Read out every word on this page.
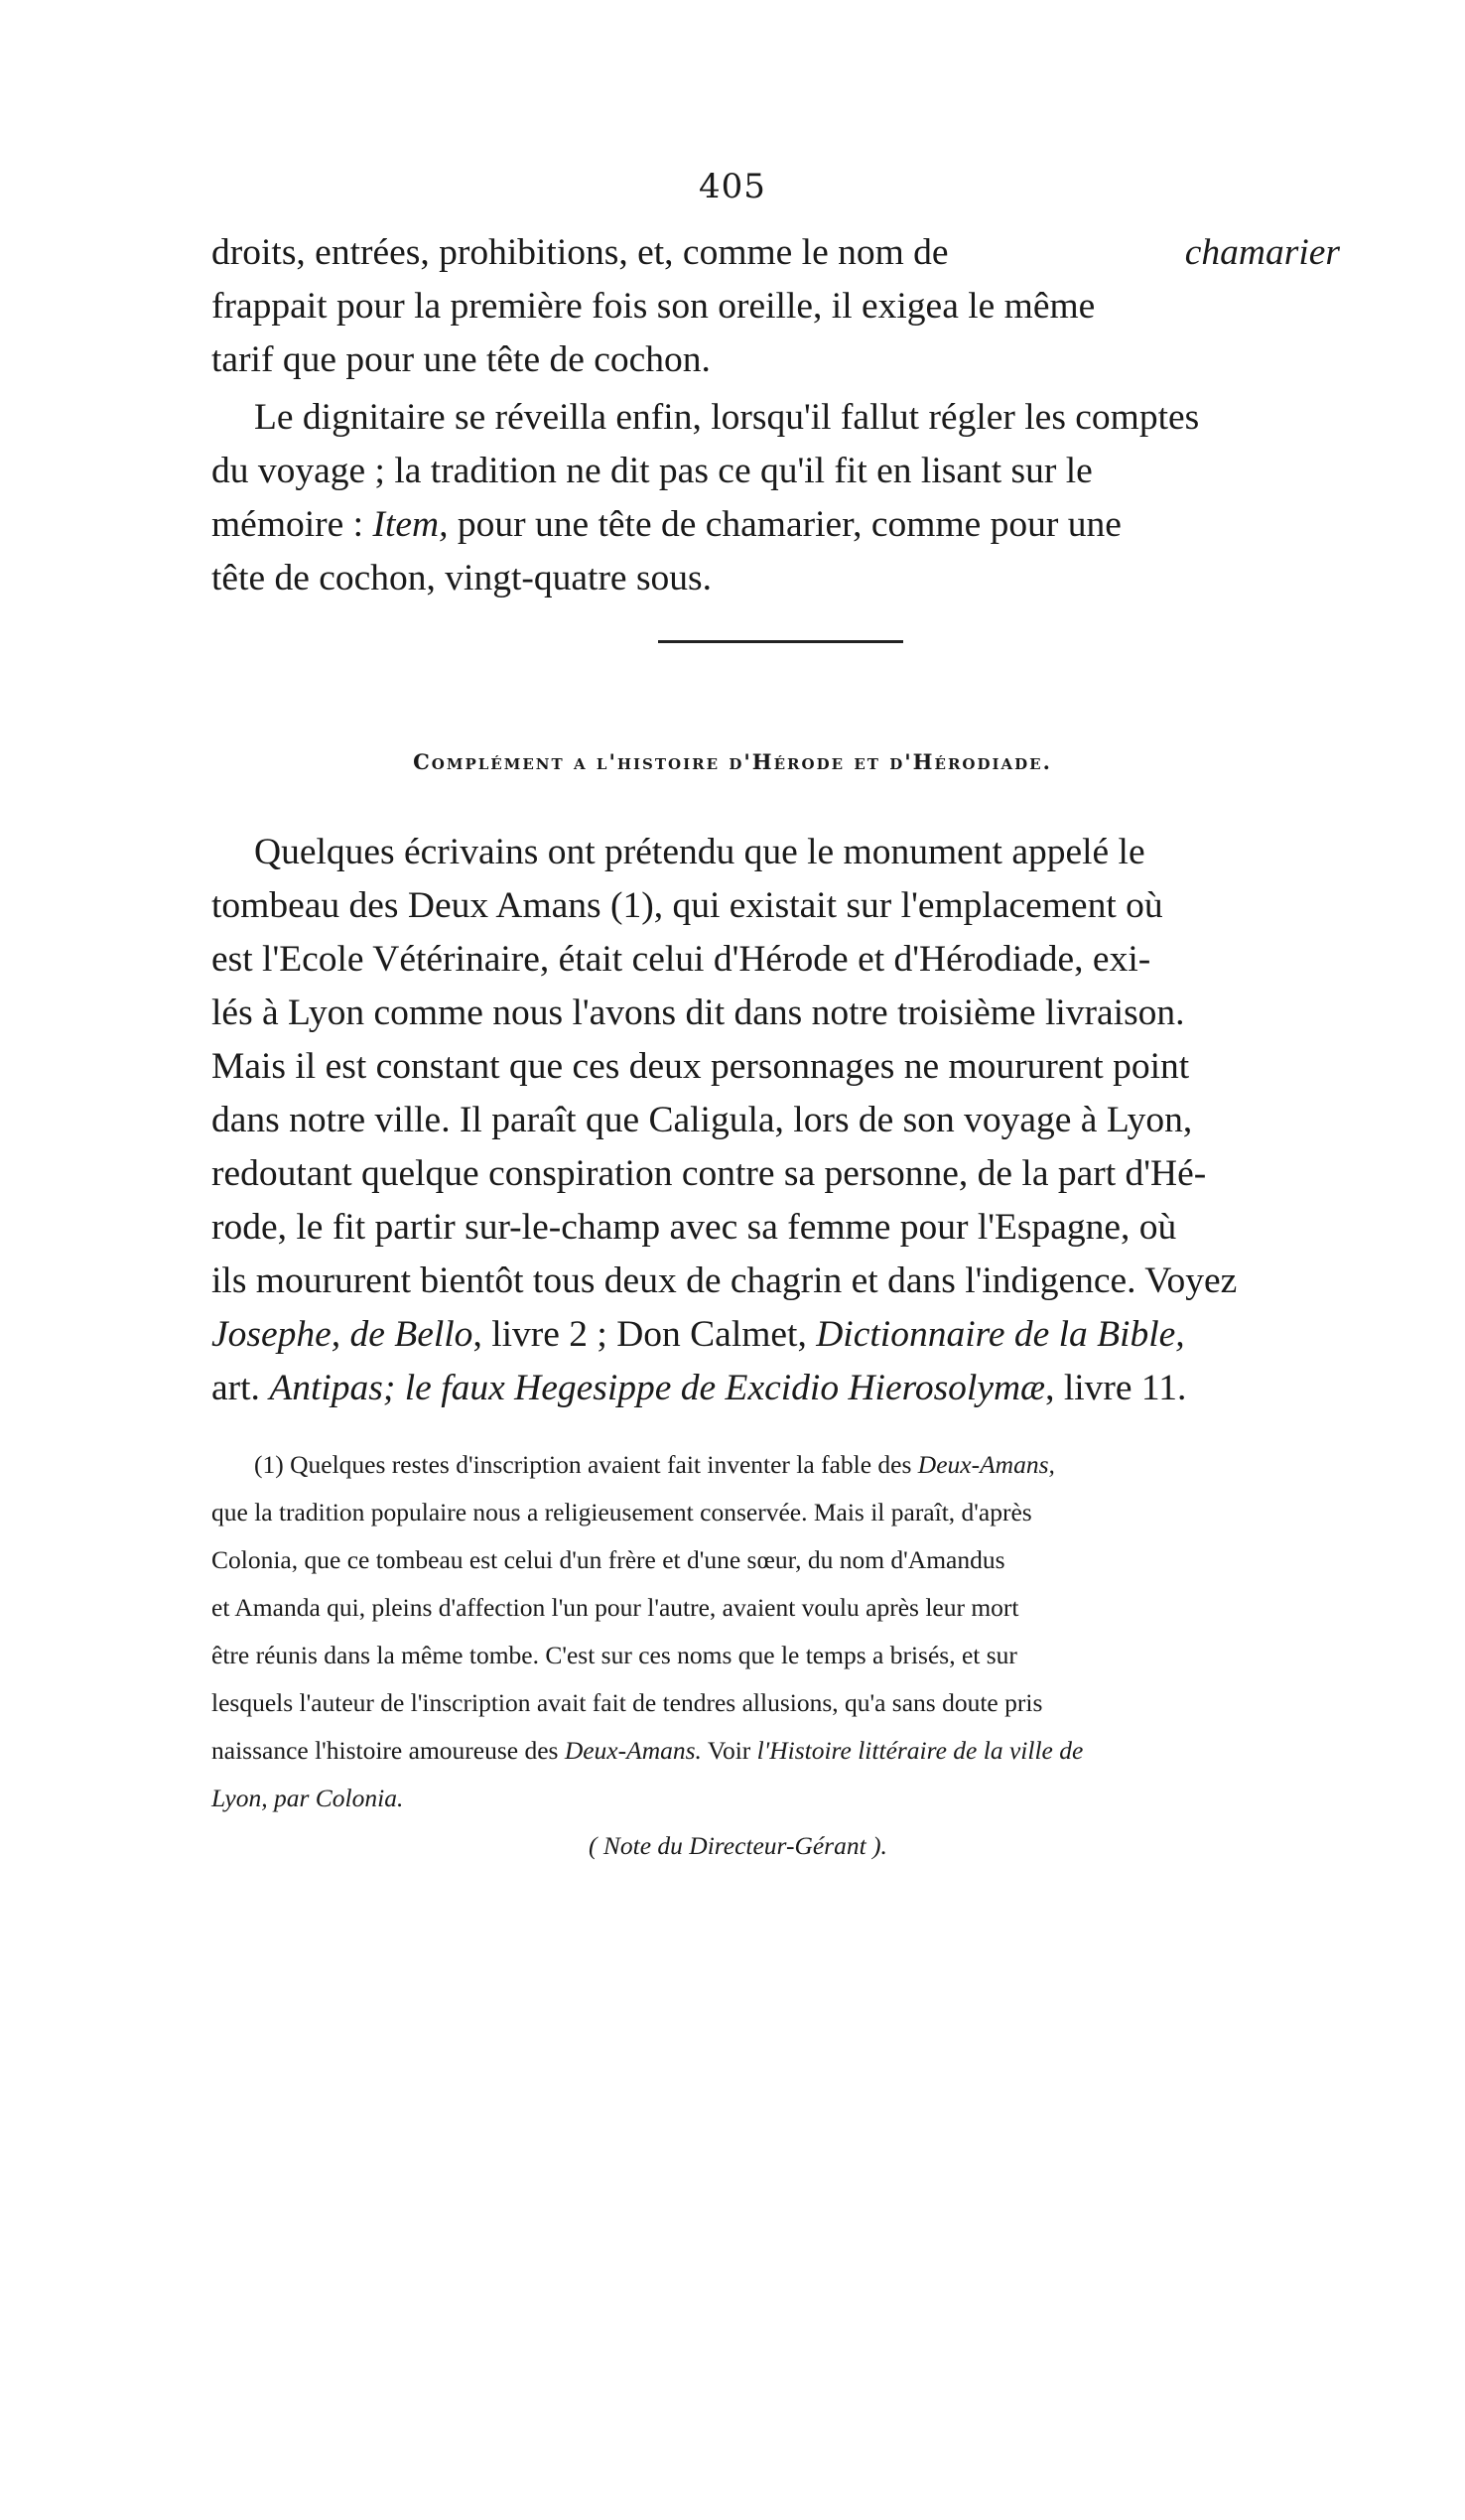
405
droits, entrées, prohibitions, et, comme le nom de	chamarier
frappait pour la première fois son oreille, il exigea le même
tarif que pour une tête de cochon.
Le dignitaire se réveilla enfin, lorsqu'il fallut régler les comptes
du voyage ; la tradition ne dit pas ce qu'il fit en lisant sur le
mémoire : Item, pour une tête de chamarier, comme pour une
tête de cochon, vingt-quatre sous.
Complément a l'histoire d'Hérode et d'Hérodiade.
Quelques écrivains ont prétendu que le monument appelé le
tombeau des Deux Amans (1), qui existait sur l'emplacement où
est l'Ecole Vétérinaire, était celui d'Hérode et d'Hérodiade, exi-
lés à Lyon comme nous l'avons dit dans notre troisième livraison.
Mais il est constant que ces deux personnages ne moururent point
dans notre ville. Il paraît que Caligula, lors de son voyage à Lyon,
redoutant quelque conspiration contre sa personne, de la part d'Hé-
rode, le fit partir sur-le-champ avec sa femme pour l'Espagne, où
ils moururent bientôt tous deux de chagrin et dans l'indigence. Voyez
Josephe, de Bello , livre 2 ; Don Calmet, Dictionnaire de la Bible,
art. Antipas; le faux Hegesippe de Excidio Hierosolymæ , livre 11.
(1) Quelques restes d'inscription avaient fait inventer la fable des Deux-Amans,
que la tradition populaire nous a religieusement conservée. Mais il paraît, d'après
Colonia, que ce tombeau est celui d'un frère et d'une sœur, du nom d'Amandus
et Amanda qui, pleins d'affection l'un pour l'autre, avaient voulu après leur mort
être réunis dans la même tombe. C'est sur ces noms que le temps a brisés, et sur
lesquels l'auteur de l'inscription avait fait de tendres allusions, qu'a sans doute pris
naissance l'histoire amoureuse des Deux-Amans. Voir l'Histoire littéraire de la ville de
Lyon, par Colonia.
( Note du Directeur-Gérant ).
